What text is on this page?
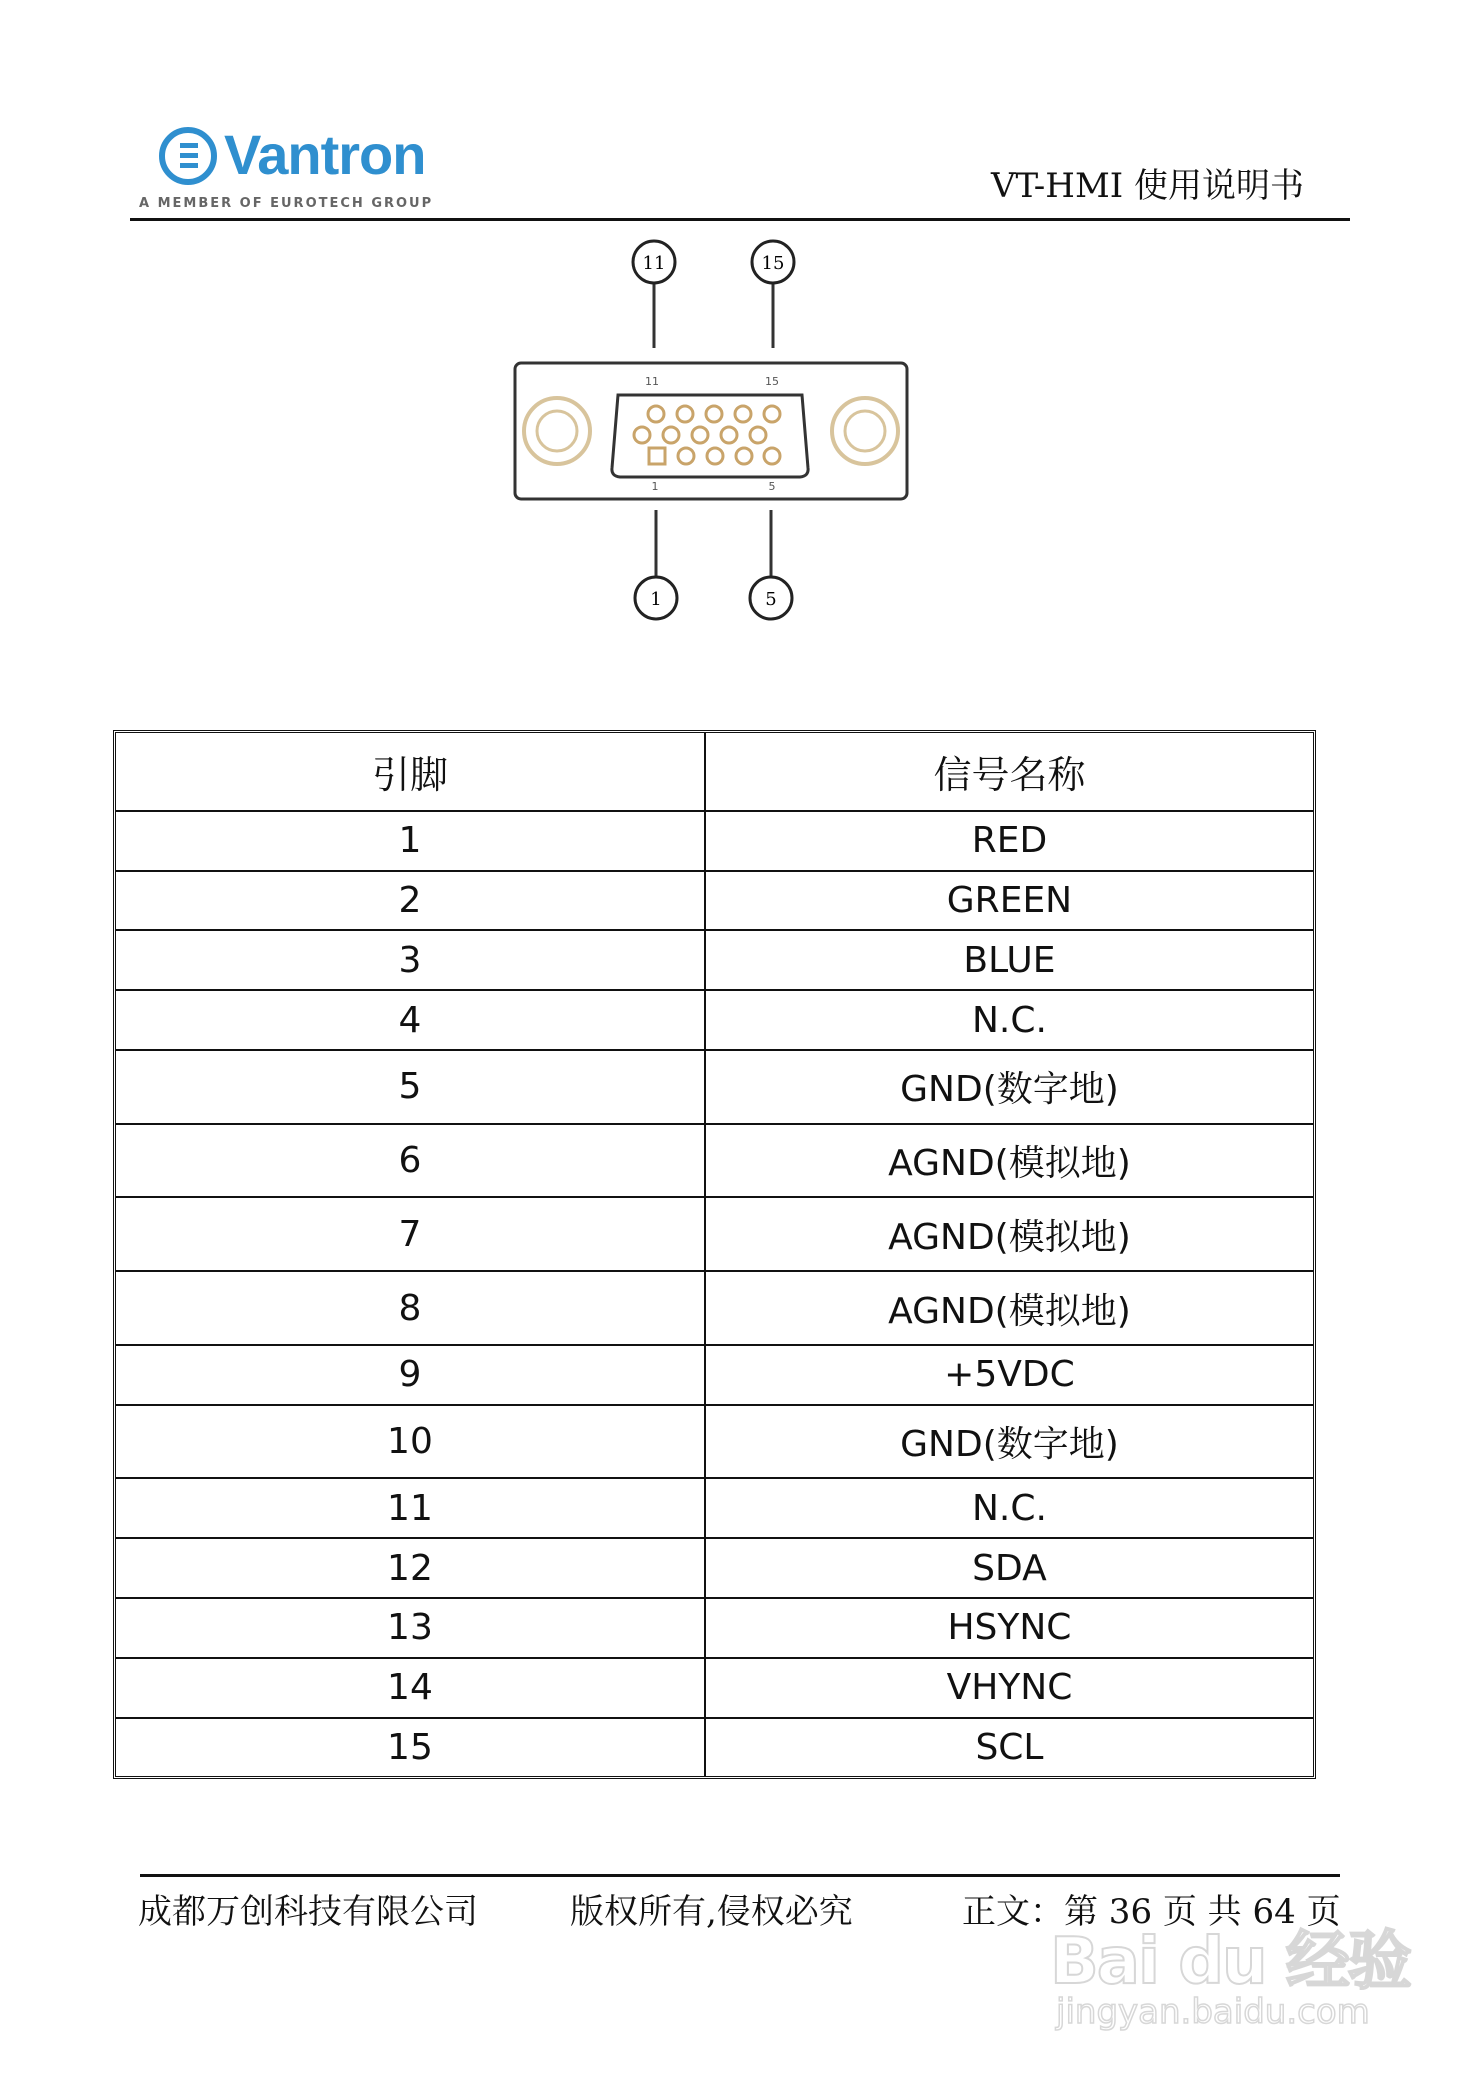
Vantron
A MEMBER OF EUROTECH GROUP	VT-HMI 使用说明书
11	15
1	5
11	15
1	5
引脚	信号名称
1	RED
2	GREEN
3	BLUE
4	N.C.
5	GND(数字地)
6	AGND(模拟地)
7	AGND(模拟地)
8	AGND(模拟地)
9	+5VDC
10	GND(数字地)
11	N.C.
12	SDA
13	HSYNC
14	VHYNC
15	SCL
成都万创科技有限公司	版权所有,侵权必究	正文：第 36 页 共 64 页
Bai du 经验
jingyan.baidu.com
